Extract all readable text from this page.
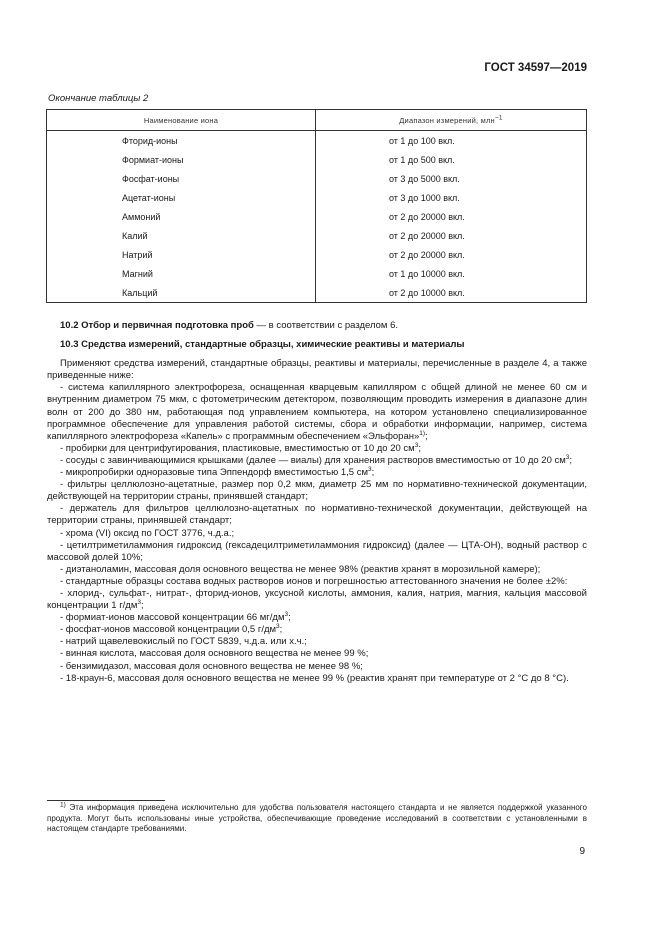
ГОСТ 34597—2019
Окончание таблицы 2
Наименование иона	Диапазон измерений, млн$^{-1}$
Фторид-ионы	от 1 до 100 вкл.
Формиат-ионы	от 1 до 500 вкл.
Фосфат-ионы	от 3 до 5000 вкл.
Ацетат-ионы	от 3 до 1000 вкл.
Аммоний	от 2 до 20000 вкл.
Калий	от 2 до 20000 вкл.
Натрий	от 2 до 20000 вкл.
Магний	от 1 до 10000 вкл.
Кальций	от 2 до 10000 вкл.
10.2 Отбор и первичная подготовка проб — в соответствии с разделом 6.
10.3 Средства измерений, стандартные образцы, химические реактивы и материалы

Применяют средства измерений, стандартные образцы, реактивы и материалы, перечисленные в разделе 4, а также приведенные ниже:

- система капиллярного электрофореза, оснащенная кварцевым капилляром с общей длиной не менее 60 см и внутренним диаметром 75 мкм, с фотометрическим детектором, позволяющим проводить измерения в диапазоне длин волн от 200 до 380 нм, работающая под управлением компьютера, на котором установлено специализированное программное обеспечение для управления работой системы, сбора и обработки информации, например, система капиллярного электрофореза «Капель» с программным обеспечением «Эльфоран»$^{1)}$;

- пробирки для центрифугирования, пластиковые, вместимостью от 10 до 20 $см^3$;

- сосуды с завинчивающимися крышками (далее — виалы) для хранения растворов вместимостью от 10 до 20 $см^3$;

- микропробирки одноразовые типа Эппендорф вместимостью 1,5 $см^3$;

- фильтры целлюлозно-ацетатные, размер пор 0,2 мкм, диаметр 25 мм по нормативно-технической документации, действующей на территории страны, принявшей стандарт;

- держатель для фильтров целлюлозно-ацетатных по нормативно-технической документации, действующей на территории страны, принявшей стандарт;

- хрома (VI) оксид по ГОСТ 3776, ч.д.а.;

- цетилтриметиламмония гидроксид (гексадецилтриметиламмония гидроксид) (далее — ЦТА-ОН), водный раствор с массовой долей 10%;

- диэтаноламин, массовая доля основного вещества не менее 98% (реактив хранят в морозильной камере);

- стандартные образцы состава водных растворов ионов и погрешностью аттестованного значения не более ±2%:

- хлорид-, сульфат-, нитрат-, фторид-ионов, уксусной кислоты, аммония, калия, натрия, магния, кальция массовой концентрации 1 $г/дм^3$;

- формиат-ионов массовой концентрации 66 $мг/дм^3$;

- фосфат-ионов массовой концентрации 0,5 $г/дм^3$;

- натрий щавелевокислый по ГОСТ 5839, ч.д.а. или х.ч.;

- винная кислота, массовая доля основного вещества не менее 99 %;

- бензимидазол, массовая доля основного вещества не менее 98 %;

- 18-краун-6, массовая доля основного вещества не менее 99 % (реактив хранят при температуре от 2 °С до 8 °С).

$^{1)}$ Эта информация приведена исключительно для удобства пользователя настоящего стандарта и не является поддержкой указанного продукта. Могут быть использованы иные устройства, обеспечивающие проведение исследований в соответствии с установленными в настоящем стандарте требованиями.
9
